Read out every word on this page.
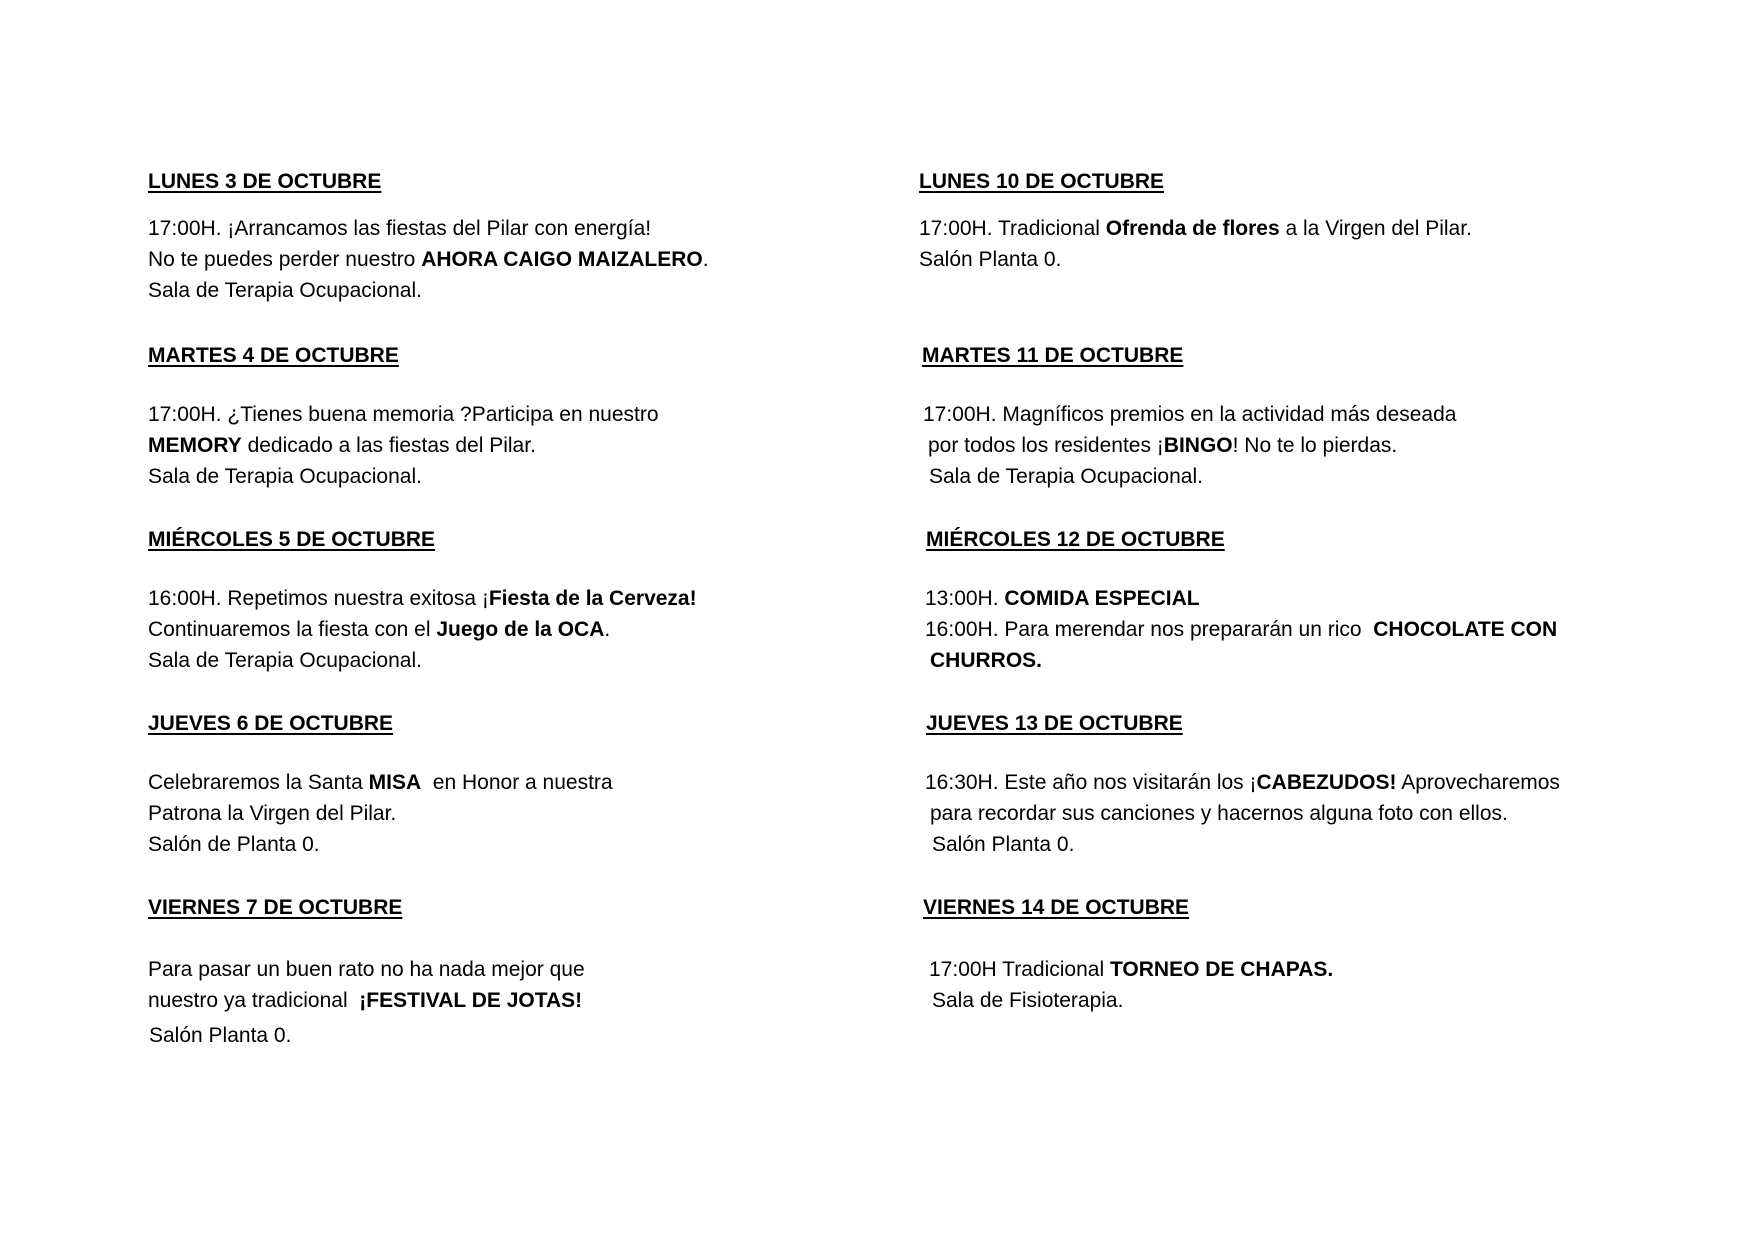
LUNES 3 DE OCTUBRE
17:00H. ¡Arrancamos las fiestas del Pilar con energía!
No te puedes perder nuestro AHORA CAIGO MAIZALERO.
Sala de Terapia Ocupacional.
MARTES 4 DE OCTUBRE
17:00H. ¿Tienes buena memoria ?Participa en nuestro
MEMORY dedicado a las fiestas del Pilar.
Sala de Terapia Ocupacional.
MIÉRCOLES 5 DE OCTUBRE
16:00H. Repetimos nuestra exitosa ¡Fiesta de la Cerveza!
Continuaremos la fiesta con el Juego de la OCA.
Sala de Terapia Ocupacional.
JUEVES 6 DE OCTUBRE
Celebraremos la Santa MISA  en Honor a nuestra
Patrona la Virgen del Pilar.
Salón de Planta 0.
VIERNES 7 DE OCTUBRE
Para pasar un buen rato no ha nada mejor que
nuestro ya tradicional  ¡FESTIVAL DE JOTAS!
Salón Planta 0.
LUNES 10 DE OCTUBRE
17:00H. Tradicional Ofrenda de flores a la Virgen del Pilar.
Salón Planta 0.
MARTES 11 DE OCTUBRE
17:00H. Magníficos premios en la actividad más deseada
por todos los residentes ¡BINGO! No te lo pierdas.
Sala de Terapia Ocupacional.
MIÉRCOLES 12 DE OCTUBRE
13:00H. COMIDA ESPECIAL
16:00H. Para merendar nos prepararán un rico  CHOCOLATE CON
CHURROS.
JUEVES 13 DE OCTUBRE
16:30H. Este año nos visitarán los ¡CABEZUDOS! Aprovecharemos
para recordar sus canciones y hacernos alguna foto con ellos.
Salón Planta 0.
VIERNES 14 DE OCTUBRE
17:00H Tradicional TORNEO DE CHAPAS.
Sala de Fisioterapia.
